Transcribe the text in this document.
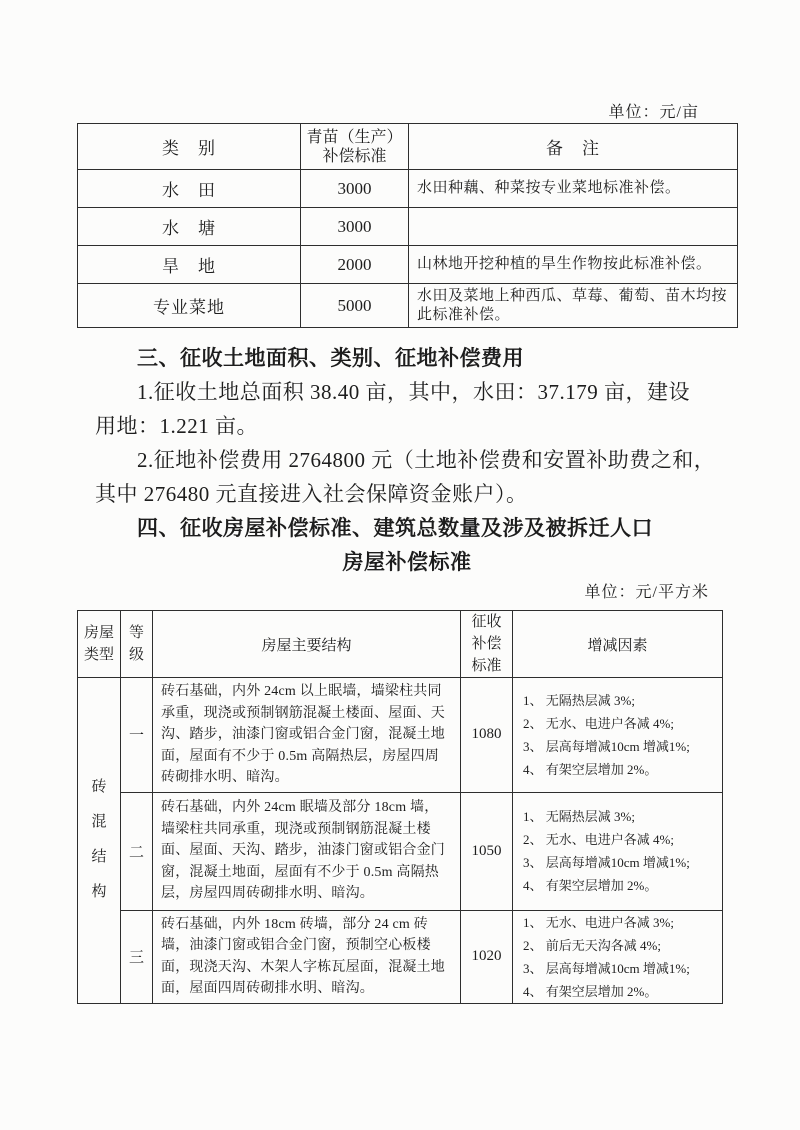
单位：元/亩
类　别	青苗（生产）补偿标准	备　注
水　田	3000	水田种藕、种菜按专业菜地标准补偿。
水　塘	3000	
旱　地	2000	山林地开挖种植的旱生作物按此标准补偿。
专业菜地	5000	水田及菜地上种西瓜、草莓、葡萄、苗木均按此标准补偿。
三、征收土地面积、类别、征地补偿费用
1.征收土地总面积 38.40 亩，其中，水田：37.179 亩，建设
用地：1.221 亩。
2.征地补偿费用 2764800 元（土地补偿费和安置补助费之和，
其中 276480 元直接进入社会保障资金账户）。
四、征收房屋补偿标准、建筑总数量及涉及被拆迁人口
房屋补偿标准
单位：元/平方米
房屋类型	等级	房屋主要结构	征收补偿标准	增减因素
砖混结构	一	砖石基础，内外 24cm 以上眠墙，墙梁柱共同承重，现浇或预制钢筋混凝土楼面、屋面、天沟、踏步，油漆门窗或铝合金门窗，混凝土地面，屋面有不少于 0.5m 高隔热层，房屋四周砖砌排水明、暗沟。	1080	1、 无隔热层减 3%;
2、 无水、电进户各减 4%;
3、 层高每增减10cm 增减1%;
4、 有架空层增加 2%。

	二	砖石基础，内外 24cm 眠墙及部分 18cm 墙，墙梁柱共同承重，现浇或预制钢筋混凝土楼面、屋面、天沟、踏步，油漆门窗或铝合金门窗，混凝土地面，屋面有不少于 0.5m 高隔热层，房屋四周砖砌排水明、暗沟。	1050	1、 无隔热层减 3%;
2、 无水、电进户各减 4%;
3、 层高每增减10cm 增减1%;
4、 有架空层增加 2%。

	三	砖石基础，内外 18cm 砖墙，部分 24 cm 砖墙，油漆门窗或铝合金门窗，预制空心板楼面，现浇天沟、木架人字栋瓦屋面，混凝土地面，屋面四周砖砌排水明、暗沟。	1020	1、 无水、电进户各减 3%;
2、 前后无天沟各减 4%;
3、 层高每增减10cm 增减1%;
4、 有架空层增加 2%。
